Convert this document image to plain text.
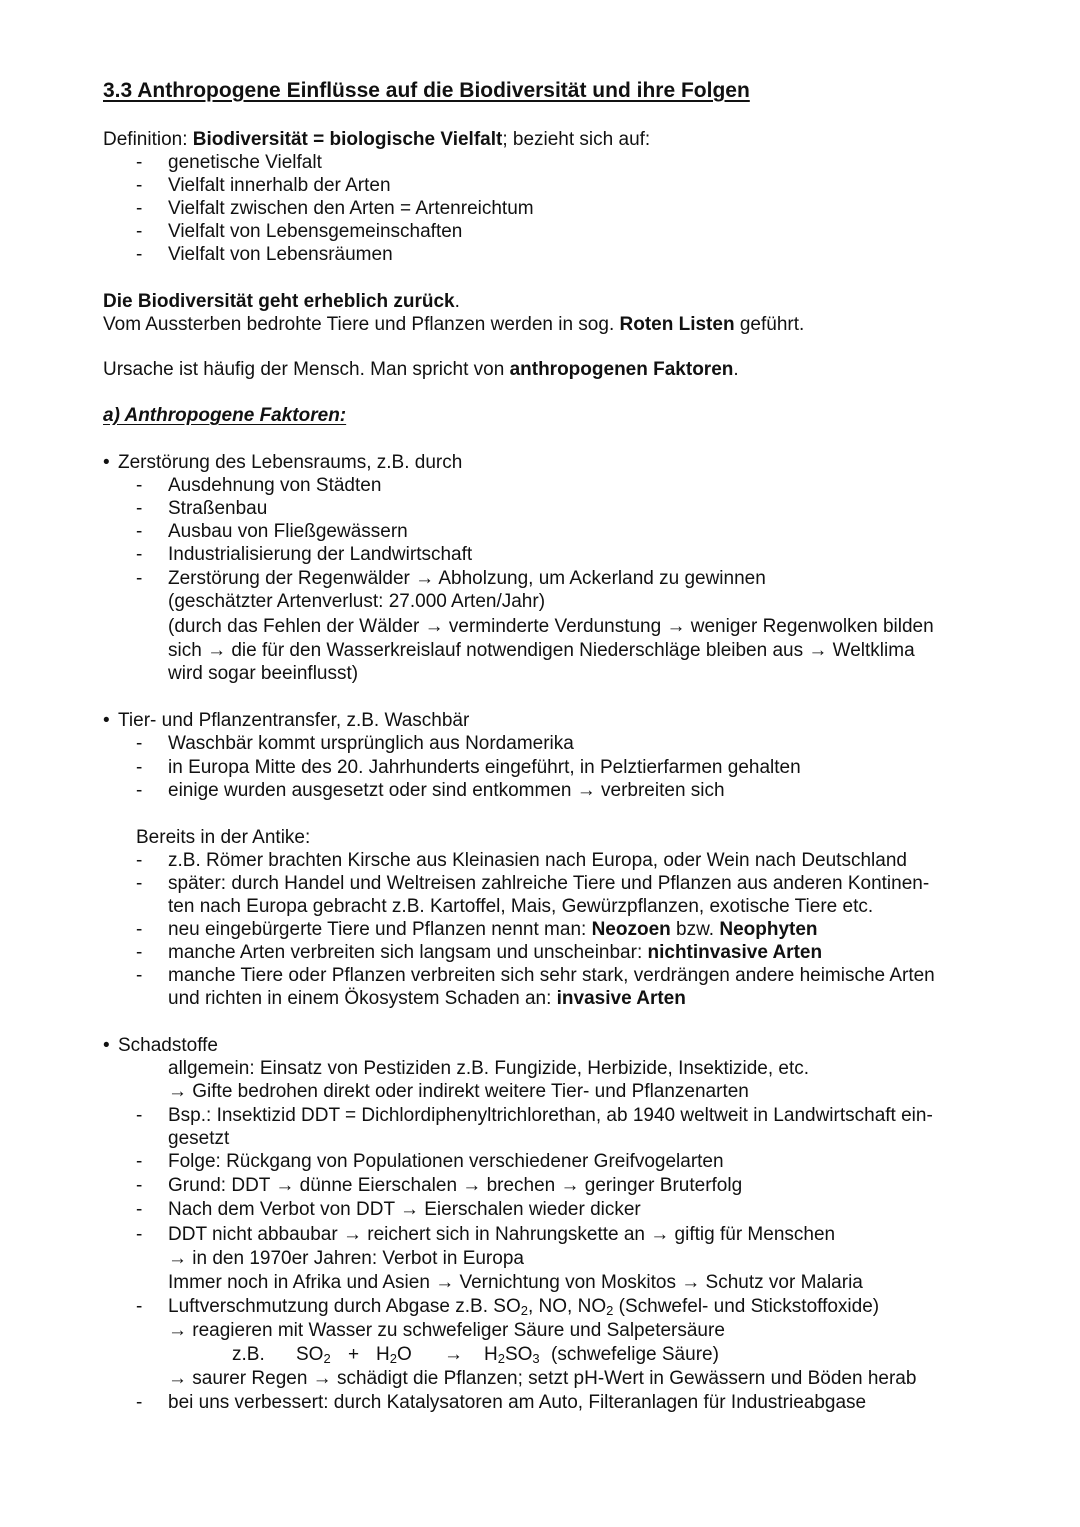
3.3 Anthropogene Einflüsse auf die Biodiversität und ihre Folgen
Definition: Biodiversität = biologische Vielfalt; bezieht sich auf:
- genetische Vielfalt
- Vielfalt innerhalb der Arten
- Vielfalt zwischen den Arten = Artenreichtum
- Vielfalt von Lebensgemeinschaften
- Vielfalt von Lebensräumen
Die Biodiversität geht erheblich zurück.
Vom Aussterben bedrohte Tiere und Pflanzen werden in sog. Roten Listen geführt.
Ursache ist häufig der Mensch. Man spricht von anthropogenen Faktoren.
a) Anthropogene Faktoren:
• Zerstörung des Lebensraums, z.B. durch
- Ausdehnung von Städten
- Straßenbau
- Ausbau von Fließgewässern
- Industrialisierung der Landwirtschaft
- Zerstörung der Regenwälder → Abholzung, um Ackerland zu gewinnen
(geschätzter Artenverlust: 27.000 Arten/Jahr)
(durch das Fehlen der Wälder → verminderte Verdunstung → weniger Regenwolken bilden
sich → die für den Wasserkreislauf notwendigen Niederschläge bleiben aus → Weltklima
wird sogar beeinflusst)
• Tier- und Pflanzentransfer, z.B. Waschbär
- Waschbär kommt ursprünglich aus Nordamerika
- in Europa Mitte des 20. Jahrhunderts eingeführt, in Pelztierfarmen gehalten
- einige wurden ausgesetzt oder sind entkommen → verbreiten sich
Bereits in der Antike:
- z.B. Römer brachten Kirsche aus Kleinasien nach Europa, oder Wein nach Deutschland
- später: durch Handel und Weltreisen zahlreiche Tiere und Pflanzen aus anderen Kontinen-
ten nach Europa gebracht z.B. Kartoffel, Mais, Gewürzpflanzen, exotische Tiere etc.
- neu eingebürgerte Tiere und Pflanzen nennt man: Neozoen bzw. Neophyten
- manche Arten verbreiten sich langsam und unscheinbar: nichtinvasive Arten
- manche Tiere oder Pflanzen verbreiten sich sehr stark, verdrängen andere heimische Arten
und richten in einem Ökosystem Schaden an: invasive Arten
• Schadstoffe
allgemein: Einsatz von Pestiziden z.B. Fungizide, Herbizide, Insektizide, etc.
→ Gifte bedrohen direkt oder indirekt weitere Tier- und Pflanzenarten
- Bsp.: Insektizid DDT = Dichlordiphenyltrichlorethan, ab 1940 weltweit in Landwirtschaft ein-
gesetzt
- Folge: Rückgang von Populationen verschiedener Greifvogelarten
- Grund: DDT → dünne Eierschalen → brechen → geringer Bruterfolg
- Nach dem Verbot von DDT → Eierschalen wieder dicker
- DDT nicht abbaubar → reichert sich in Nahrungskette an → giftig für Menschen
→ in den 1970er Jahren: Verbot in Europa
Immer noch in Afrika und Asien → Vernichtung von Moskitos → Schutz vor Malaria
- Luftverschmutzung durch Abgase z.B. $SO_2$, NO, $NO_2$ (Schwefel- und Stickstoffoxide)
→ reagieren mit Wasser zu schwefeliger Säure und Salpetersäure
z.B. $SO_2 + H_2O \to H_2SO_3$ (schwefelige Säure)
→ saurer Regen → schädigt die Pflanzen; setzt pH-Wert in Gewässern und Böden herab
- bei uns verbessert: durch Katalysatoren am Auto, Filteranlagen für Industrieabgase
